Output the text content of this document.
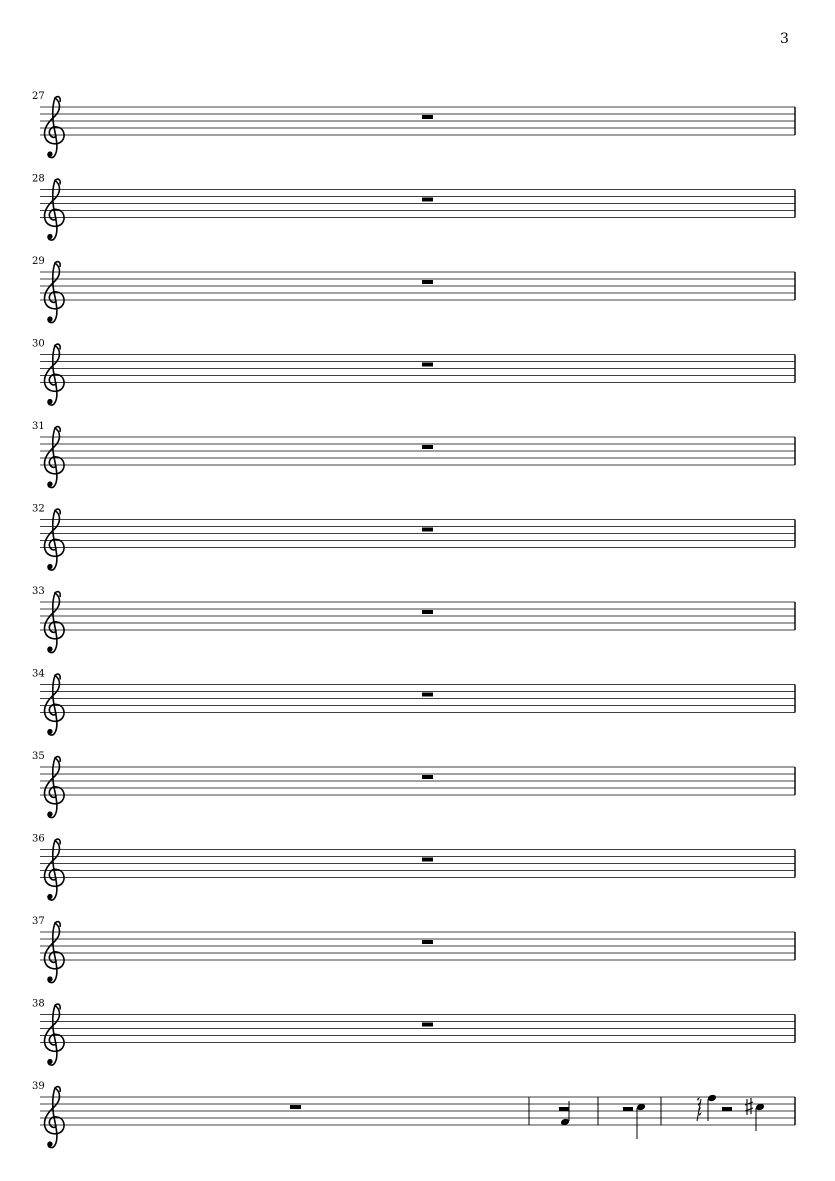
3
27
28
29
30
31
32
33
34
35
36
37
38
39
